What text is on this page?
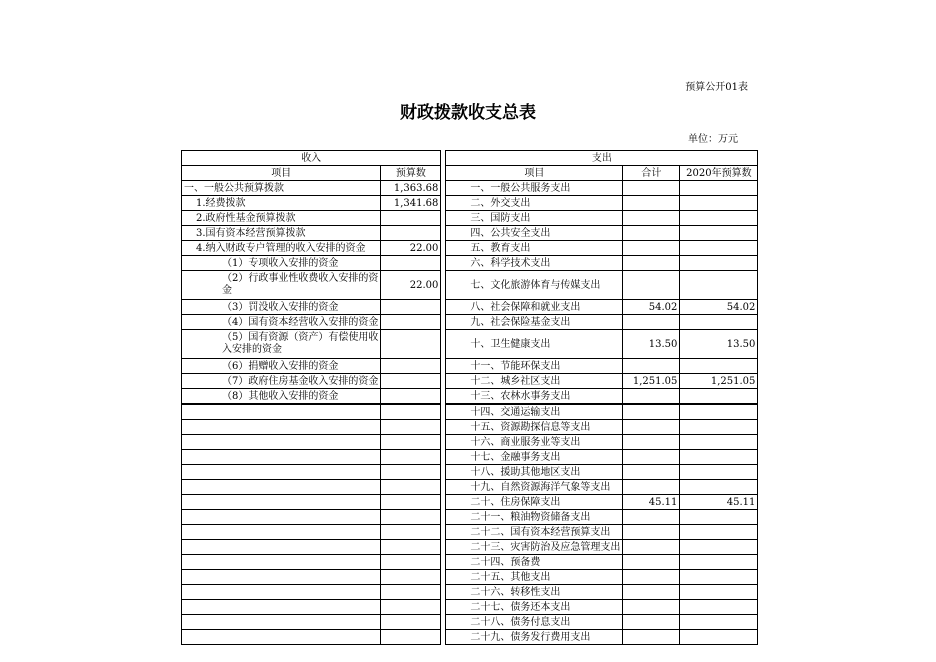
预算公开01表
财政拨款收支总表
单位：万元
收入			支出		
项目	预算数		项目	合计	2020年预算数
一、一般公共预算拨款	1,363.68		一、一般公共服务支出		
1.经费拨款	1,341.68		二、外交支出		
2.政府性基金预算拨款			三、国防支出		
3.国有资本经营预算拨款			四、公共安全支出		
4.纳入财政专户管理的收入安排的资金	22.00		五、教育支出		
（1）专项收入安排的资金			六、科学技术支出		
（2）行政事业性收费收入安排的资金	22.00		七、文化旅游体育与传媒支出		
（3）罚没收入安排的资金			八、社会保障和就业支出	54.02	54.02
（4）国有资本经营收入安排的资金			九、社会保险基金支出		
（5）国有资源（资产）有偿使用收入安排的资金			十、卫生健康支出	13.50	13.50
（6）捐赠收入安排的资金			十一、节能环保支出		
（7）政府住房基金收入安排的资金			十二、城乡社区支出	1,251.05	1,251.05
（8）其他收入安排的资金			十三、农林水事务支出		
			十四、交通运输支出		
			十五、资源勘探信息等支出		
			十六、商业服务业等支出		
			十七、金融事务支出		
			十八、援助其他地区支出		
			十九、自然资源海洋气象等支出		
			二十、住房保障支出	45.11	45.11
			二十一、粮油物资储备支出		
			二十二、国有资本经营预算支出		
			二十三、灾害防治及应急管理支出		
			二十四、预备费		
			二十五、其他支出		
			二十六、转移性支出		
			二十七、债务还本支出		
			二十八、债务付息支出		
			二十九、债务发行费用支出		
